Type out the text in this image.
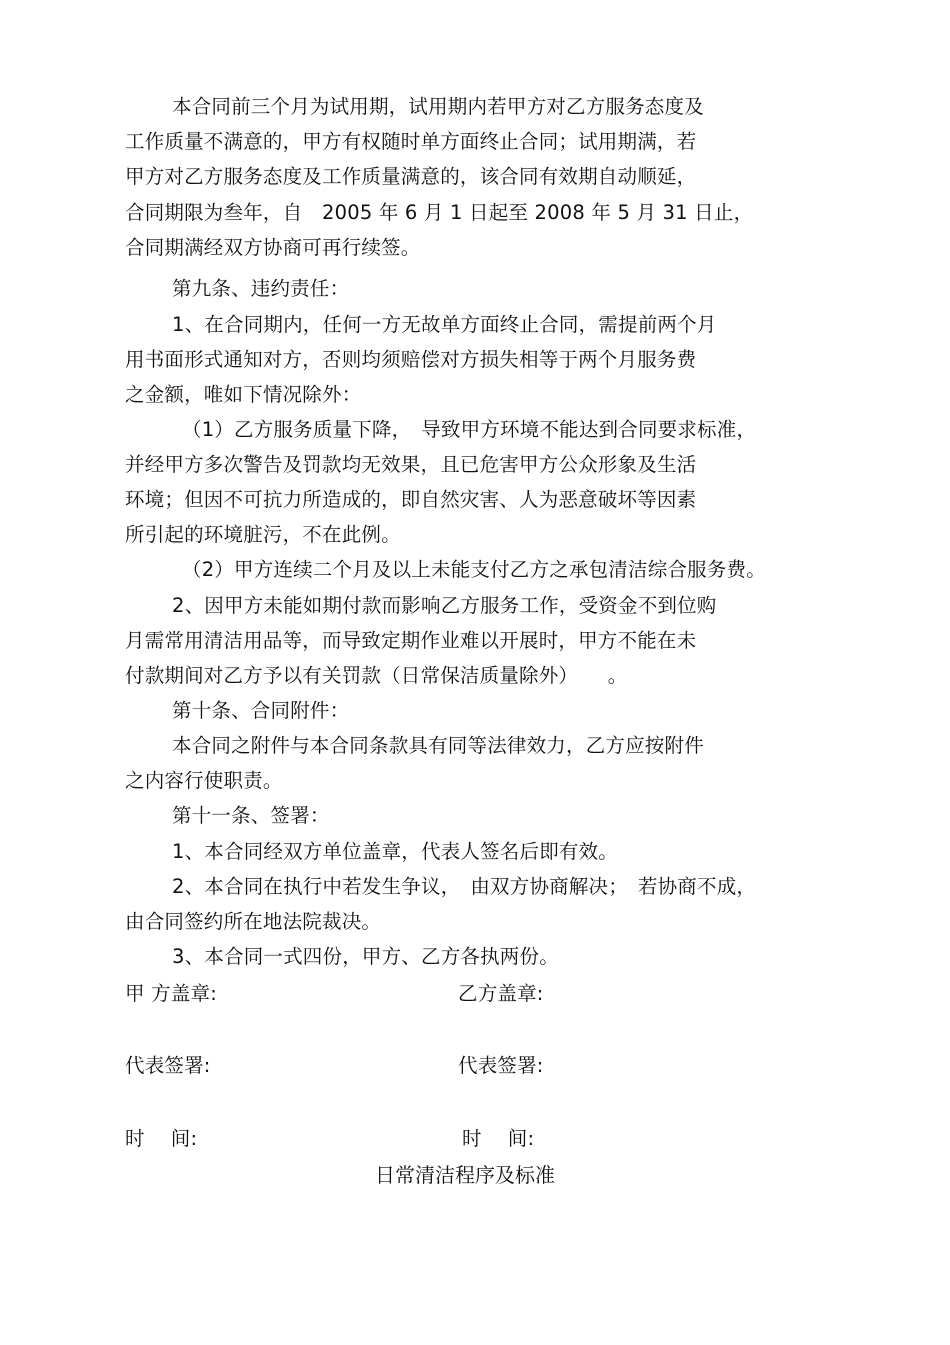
本合同前三个月为试用期，试用期内若甲方对乙方服务态度及
工作质量不满意的，甲方有权随时单方面终止合同；试用期满，若
甲方对乙方服务态度及工作质量满意的，该合同有效期自动顺延，
合同期限为叁年，自　2005 年 6 月 1 日起至 2008 年 5 月 31 日止，
合同期满经双方协商可再行续签。
第九条、违约责任：
1、在合同期内，任何一方无故单方面终止合同，需提前两个月
用书面形式通知对方，否则均须赔偿对方损失相等于两个月服务费
之金额，唯如下情况除外：
（1）乙方服务质量下降，　导致甲方环境不能达到合同要求标准，
并经甲方多次警告及罚款均无效果，且已危害甲方公众形象及生活
环境；但因不可抗力所造成的，即自然灾害、人为恶意破坏等因素
所引起的环境脏污，不在此例。
（2）甲方连续二个月及以上未能支付乙方之承包清洁综合服务费。
2、因甲方未能如期付款而影响乙方服务工作，受资金不到位购
月需常用清洁用品等，而导致定期作业难以开展时，甲方不能在未
付款期间对乙方予以有关罚款（日常保洁质量除外）　　。
第十条、合同附件：
本合同之附件与本合同条款具有同等法律效力，乙方应按附件
之内容行使职责。
第十一条、签署：
1、本合同经双方单位盖章，代表人签名后即有效。
2、本合同在执行中若发生争议，　由双方协商解决；　若协商不成，
由合同签约所在地法院裁决。
3、本合同一式四份，甲方、乙方各执两份。
甲 方盖章:	乙方盖章:
代表签署:	代表签署:
时　 间:	时　 间:
日常清洁程序及标准
